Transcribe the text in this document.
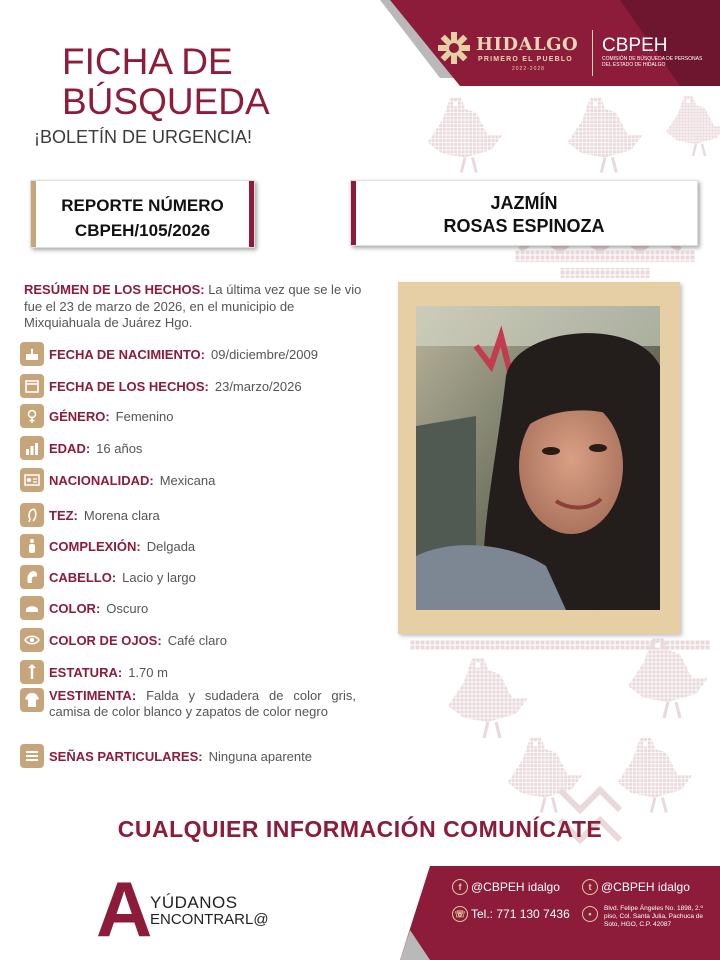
HIDALGO
PRIMERO EL PUEBLO
2022-2028
CBPEH
COMISIÓN DE BÚSQUEDA DE PERSONAS DEL ESTADO DE HIDALGO
FICHA DE
BÚSQUEDA
¡BOLETÍN DE URGENCIA!
REPORTE NÚMERO
CBPEH/105/2026
JAZMÍN
ROSAS ESPINOZA
RESÚMEN DE LOS HECHOS: La última vez que se le vio fue el 23 de marzo de 2026, en el municipio de Mixquiahuala de Juárez Hgo.
FECHA DE NACIMIENTO: 09/diciembre/2009
FECHA DE LOS HECHOS: 23/marzo/2026
GÉNERO: Femenino
EDAD: 16 años
NACIONALIDAD: Mexicana
TEZ: Morena clara
COMPLEXIÓN: Delgada
CABELLO: Lacio y largo
COLOR: Oscuro
COLOR DE OJOS: Café claro
ESTATURA: 1.70 m
VESTIMENTA: Falda y sudadera de color gris, camisa de color blanco y zapatos de color negro
SEÑAS PARTICULARES: Ninguna aparente
CUALQUIER INFORMACIÓN COMUNÍCATE
A
YÚDANOS
ENCONTRARL@
f @CBPEH idalgo	t @CBPEH idalgo
☏ Tel.: 771 130 7436	•
Blvd. Felipe Ángeles No. 1898, 2.º piso, Col. Santa Julia, Pachuca de Soto, HGO, C.P. 42087
